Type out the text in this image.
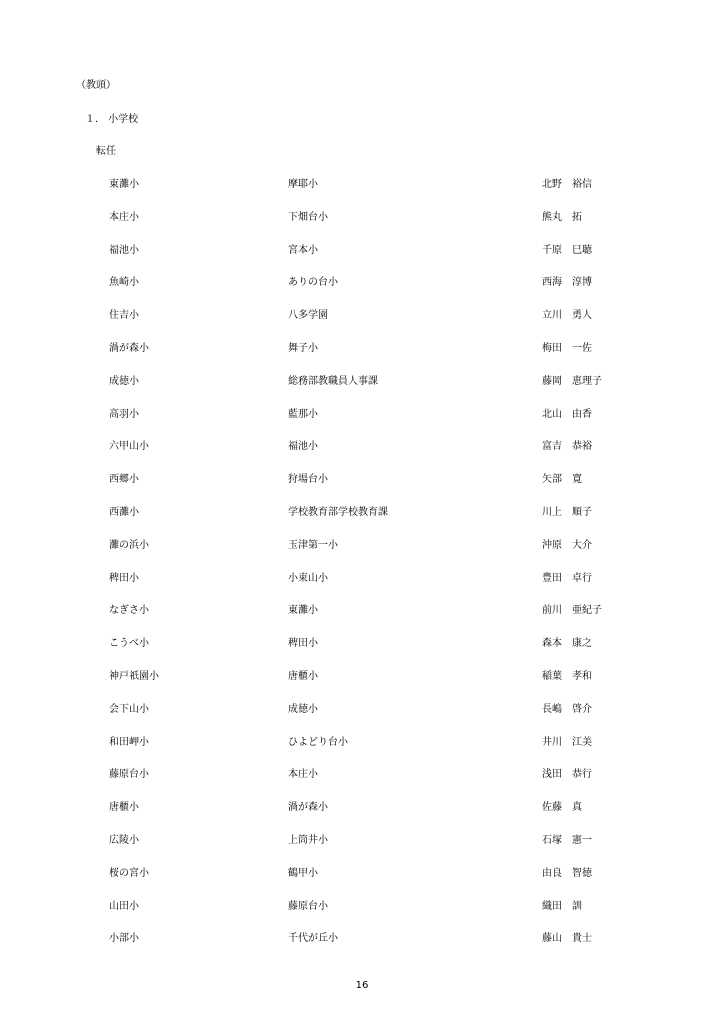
（教頭）
１． 小学校
転任
東灘小	摩耶小	北野　裕信
本庄小	下畑台小	熊丸　拓
福池小	宮本小	千原　巳聴
魚崎小	ありの台小	西海　淳博
住吉小	八多学園	立川　勇人
渦が森小	舞子小	梅田　一佐
成徳小	総務部教職員人事課	藤岡　恵理子
高羽小	藍那小	北山　由香
六甲山小	福池小	富吉　恭裕
西郷小	狩場台小	矢部　寛
西灘小	学校教育部学校教育課	川上　順子
灘の浜小	玉津第一小	沖原　大介
稗田小	小束山小	豊田　卓行
なぎさ小	東灘小	前川　亜紀子
こうべ小	稗田小	森本　康之
神戸祇園小	唐櫃小	稲葉　孝和
会下山小	成徳小	長嶋　啓介
和田岬小	ひよどり台小	井川　江美
藤原台小	本庄小	浅田　恭行
唐櫃小	渦が森小	佐藤　真
広陵小	上筒井小	石塚　憲一
桜の宮小	鶴甲小	由良　智徳
山田小	藤原台小	織田　訓
小部小	千代が丘小	藤山　貴士
16
